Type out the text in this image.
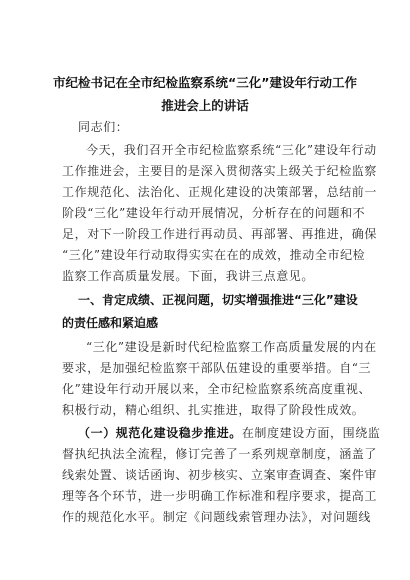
市纪检书记在全市纪检监察系统“三化”建设年行动工作
推进会上的讲话
同志们：
今天，我们召开全市纪检监察系统“三化”建设年行动
工作推进会，主要目的是深入贯彻落实上级关于纪检监察
工作规范化、法治化、正规化建设的决策部署，总结前一
阶段“三化”建设年行动开展情况，分析存在的问题和不
足，对下一阶段工作进行再动员、再部署、再推进，确保
“三化”建设年行动取得实实在在的成效，推动全市纪检
监察工作高质量发展。下面，我讲三点意见。
一、肯定成绩、正视问题，切实增强推进“三化”建设
的责任感和紧迫感
“三化”建设是新时代纪检监察工作高质量发展的内在
要求，是加强纪检监察干部队伍建设的重要举措。自“三
化”建设年行动开展以来，全市纪检监察系统高度重视、
积极行动，精心组织、扎实推进，取得了阶段性成效。
（一）规范化建设稳步推进。在制度建设方面，围绕监
督执纪执法全流程，修订完善了一系列规章制度，涵盖了
线索处置、谈话函询、初步核实、立案审查调查、案件审
理等各个环节，进一步明确工作标准和程序要求，提高工
作的规范化水平。制定《问题线索管理办法》，对问题线
